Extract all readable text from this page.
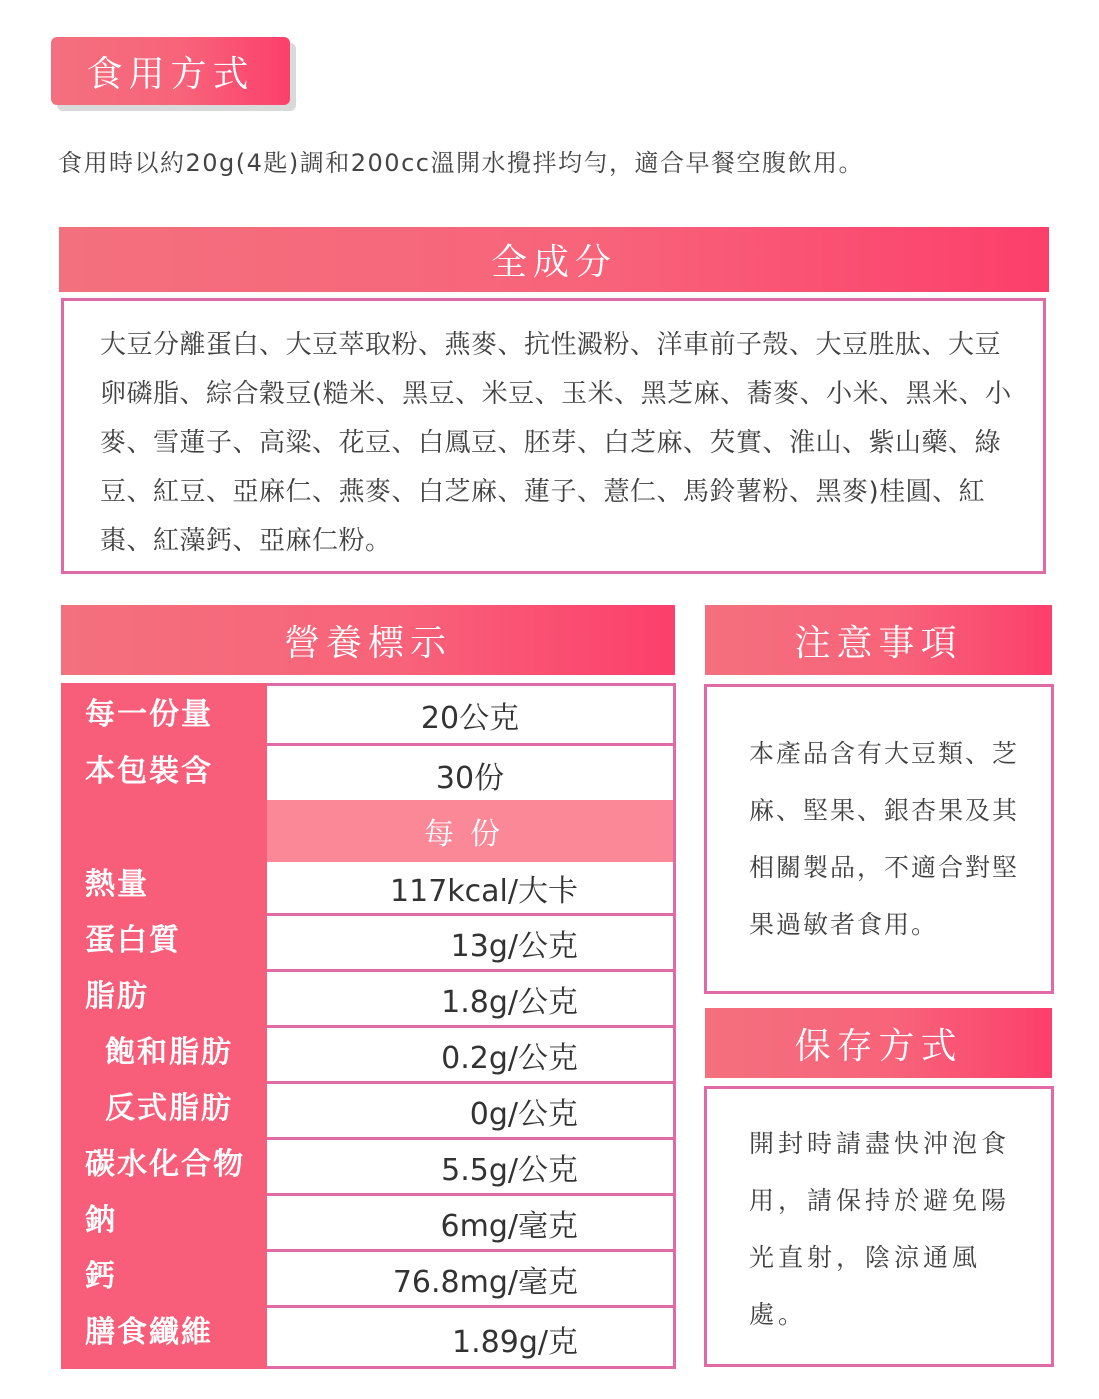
食用方式
食用時以約20g(4匙)調和200cc溫開水攪拌均勻，適合早餐空腹飲用。
全成分
大豆分離蛋白、大豆萃取粉、燕麥、抗性澱粉、洋車前子殼、大豆胜肽、大豆卵磷脂、綜合穀豆(糙米、黑豆、米豆、玉米、黑芝麻、蕎麥、小米、黑米、小麥、雪蓮子、高粱、花豆、白鳳豆、胚芽、白芝麻、芡實、淮山、紫山藥、綠豆、紅豆、亞麻仁、燕麥、白芝麻、蓮子、薏仁、馬鈴薯粉、黑麥)桂圓、紅棗、紅藻鈣、亞麻仁粉。
營養標示
每一份量
本包裝含
熱量
蛋白質
脂肪
飽和脂肪
反式脂肪
碳水化合物
鈉
鈣
膳食纖維
20公克
30份
每份
117kcal/大卡
13g/公克
1.8g/公克
0.2g/公克
0g/公克
5.5g/公克
6mg/毫克
76.8mg/毫克
1.89g/克
注意事項
本產品含有大豆類、芝麻、堅果、銀杏果及其相關製品，不適合對堅果過敏者食用。
保存方式
開封時請盡快沖泡食用，請保持於避免陽光直射，陰涼通風處。
